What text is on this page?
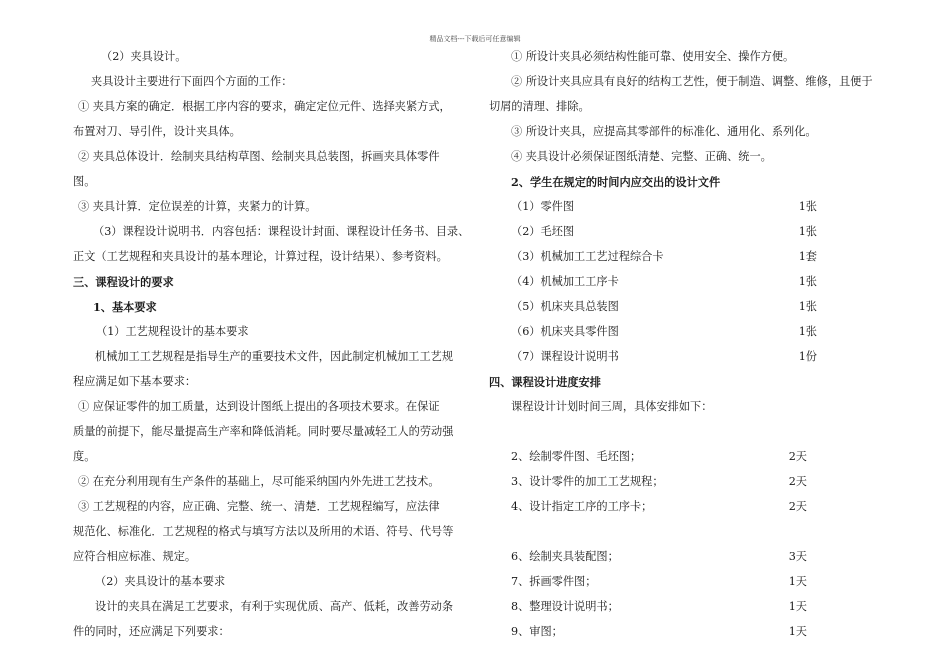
精品文档---下载后可任意编辑
（2）夹具设计。
夹具设计主要进行下面四个方面的工作：
① 夹具方案的确定．根据工序内容的要求，确定定位元件、选择夹紧方式，
布置对刀、导引件，设计夹具体。
② 夹具总体设计．绘制夹具结构草图、绘制夹具总装图，拆画夹具体零件
图。
③ 夹具计算．定位误差的计算，夹紧力的计算。
（3）课程设计说明书．内容包括：课程设计封面、课程设计任务书、目录、
正文（工艺规程和夹具设计的基本理论，计算过程，设计结果）、参考资料。
三、课程设计的要求
1、基本要求
（1）工艺规程设计的基本要求
机械加工工艺规程是指导生产的重要技术文件，因此制定机械加工工艺规
程应满足如下基本要求：
① 应保证零件的加工质量，达到设计图纸上提出的各项技术要求。在保证
质量的前提下，能尽量提高生产率和降低消耗。同时要尽量减轻工人的劳动强
度。
② 在充分利用现有生产条件的基础上，尽可能采纳国内外先进工艺技术。
③ 工艺规程的内容，应正确、完整、统一、清楚．工艺规程编写，应法律
规范化、标准化．工艺规程的格式与填写方法以及所用的术语、符号、代号等
应符合相应标准、规定。
（2）夹具设计的基本要求
设计的夹具在满足工艺要求，有利于实现优质、高产、低耗，改善劳动条
件的同时，还应满足下列要求：
① 所设计夹具必须结构性能可靠、使用安全、操作方便。
② 所设计夹具应具有良好的结构工艺性，便于制造、调整、维修，且便于
切屑的清理、排除。
③ 所设计夹具，应提高其零部件的标准化、通用化、系列化。
④ 夹具设计必须保证图纸清楚、完整、正确、统一。
2、学生在规定的时间内应交出的设计文件
（1）零件图	1张
（2）毛坯图	1张
（3）机械加工工艺过程综合卡	1套
（4）机械加工工序卡	1张
（5）机床夹具总装图	1张
（6）机床夹具零件图	1张
（7）课程设计说明书	1份
四、课程设计进度安排
课程设计计划时间三周，具体安排如下：
2、绘制零件图、毛坯图；	2天
3、设计零件的加工工艺规程；	2天
4、设计指定工序的工序卡；	2天
6、绘制夹具装配图；	3天
7、拆画零件图；	1天
8、整理设计说明书；	1天
9、审图；	1天
